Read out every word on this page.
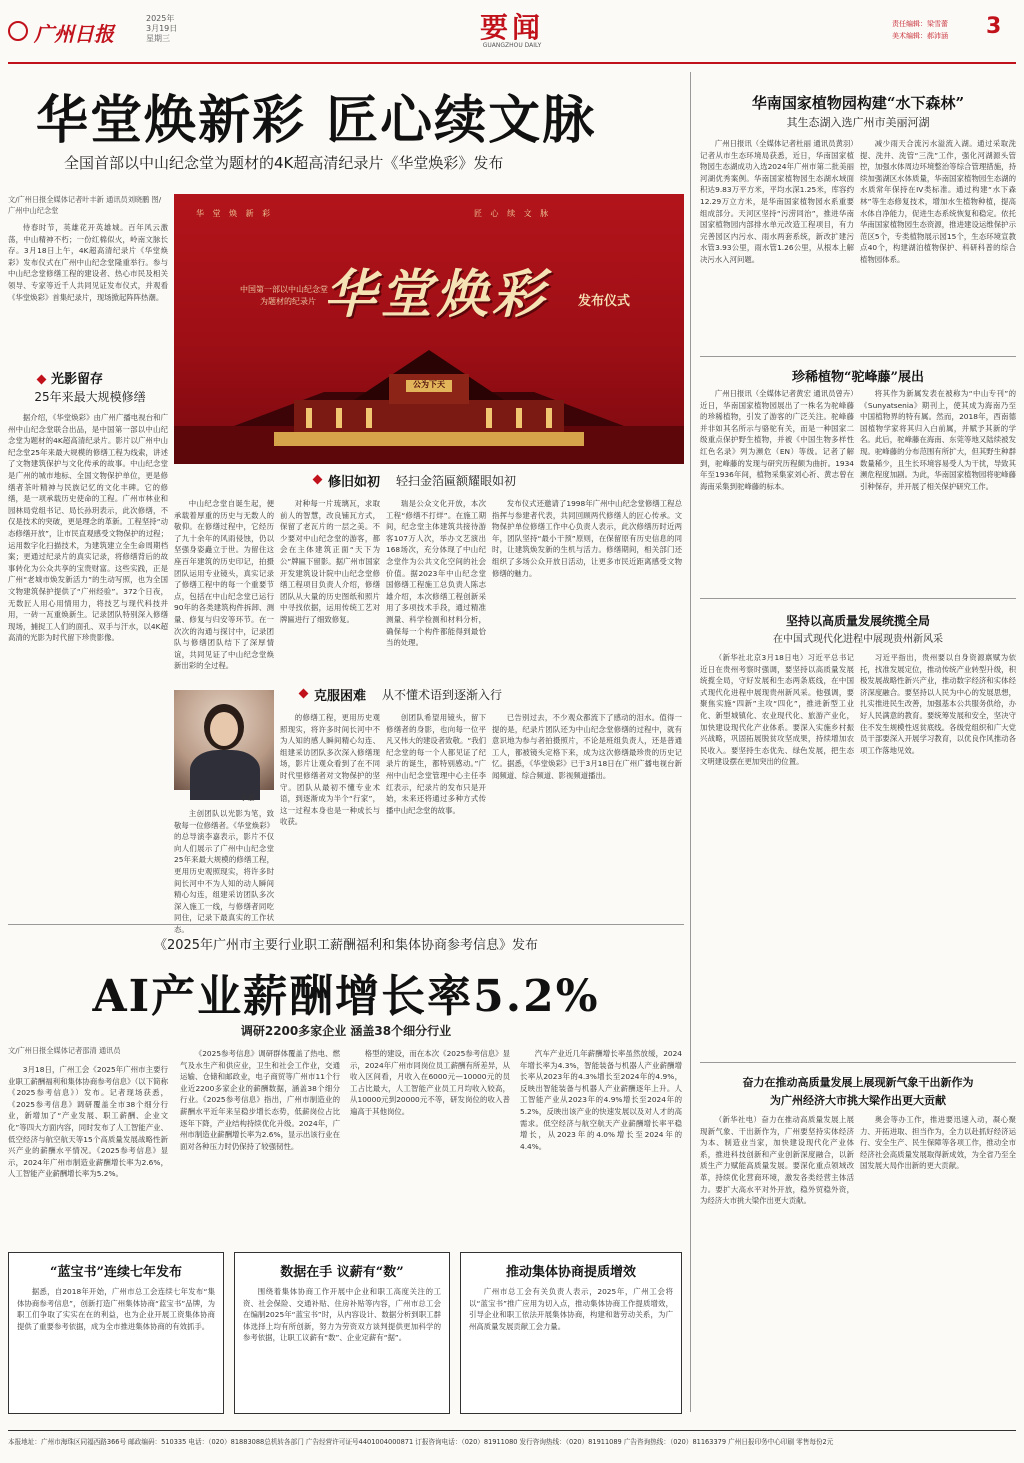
广州日报
2025年
3月19日
星期三	要闻
GUANGZHOU DAILY
责任编辑：梁雪蕾
美术编辑：郝沛涵 3
华堂焕新彩 匠心续文脉
全国首部以中山纪念堂为题材的4K超高清纪录片《华堂焕彩》发布
文/广州日报全媒体记者叶丰新 通讯员刘晓鹏 图/广州中山纪念堂

侍春时节，英雄花开英雄城。百年风云激荡，中山精神不朽；一份红棉似火，岭南文脉长存。3月18日上午，4K超高清纪录片《华堂焕彩》发布仪式在广州中山纪念堂隆重举行。参与中山纪念堂修缮工程的建设者、热心市民及相关领导、专家等近千人共同见证发布仪式，并观看《华堂焕彩》首集纪录片，现场掀起阵阵热潮。

华 堂 焕 新 彩	匠 心 续 文 脉
华堂焕彩
中国第一部以中山纪念堂
为题材的纪录片	发布仪式
公为下天
光影留存
25年来最大规模修缮

据介绍，《华堂焕彩》由广州广播电视台和广州中山纪念堂联合出品，是中国第一部以中山纪念堂为题材的4K超高清纪录片。影片以广州中山纪念堂25年来最大规模的修缮工程为线索，讲述了文物建筑保护与文化传承的故事。中山纪念堂是广州的城市地标、全国文物保护单位，更是修缮者茶叶精神与民族记忆的文化丰碑。它的修缮，是一项承载历史使命的工程。广州市林业和园林局党组书记、局长孙玥表示，此次修缮，不仅是技术的突破，更是理念的革新。工程坚持“动态修缮开放”，让市民直观感受文物保护的过程；运用数字化扫描技术，为建筑建立全生命周期档案；更通过纪录片的真实记录，将修缮背后的故事转化为公众共享的宝贵财富。这些实践，正是广州“老城市焕发新活力”的生动写照，也为全国文物建筑保护提供了“广州经验”。372个日夜，无数匠人用心用情用力，将技艺与现代科技并用，一砖一瓦重焕新生。记录团队特别深入修缮现场，捕捉工人们的面孔、双手与汗水，以4K超高清的光影为时代留下珍贵影像。

修旧如初 轻扫金箔匾额耀眼如初

中山纪念堂自诞生起，便承载着厚重的历史与无数人的敬仰。在修缮过程中，它经历了九十余年的风雨侵蚀，仍以坚强身姿矗立于世。为留住这座百年建筑的历史印记，拍摄团队运用专业镜头，真实记录了修缮工程中的每一个重要节点，包括在中山纪念堂已运行90年的各类建筑构件拆卸、测量、修复与归安等环节。在一次次的沟通与探讨中，记录团队与修缮团队结下了深厚情谊，共同见证了中山纪念堂焕新出彩的全过程。

对种每一片琉璃瓦，求取前人的智慧，改良铺瓦方式，保留了老瓦片的一层之美。不少要对中山纪念堂的游客，都会在主体建筑正面“天下为公”牌匾下留影。据广州市国家开发建筑设计院中山纪念堂修缮工程项目负责人介绍，修缮团队从大量的历史图纸和照片中寻找依据，运用传统工艺对牌匾进行了细致修复。

瑞是公众文化开放，本次工程“修缮不打烊”。在施工期间，纪念堂主体建筑共接待游客107万人次，举办文艺演出168场次，充分体现了中山纪念堂作为公共文化空间的社会价值。据2023年中山纪念堂国修缮工程施工总负责人陈志雄介绍，本次修缮工程创新采用了多项技术手段，通过精准测量、科学检测和材料分析，确保每一个构件都能得到最恰当的处理。

发布仪式还邀请了1998年广州中山纪念堂修缮工程总指挥与参建者代表，共同回顾两代修缮人的匠心传承。文物保护单位修缮工作中心负责人表示，此次修缮历时近两年，团队坚持“最小干预”原则，在保留原有历史信息的同时，让建筑焕发新的生机与活力。修缮期间，相关部门还组织了多场公众开放日活动，让更多市民近距离感受文物修缮的魅力。

克服困难 从不懂术语到逐渐入行
李嘉

主创团队以光影为笔，致敬每一位修缮者。《华堂焕彩》的总导演李嘉表示，影片不仅向人们展示了广州中山纪念堂25年来最大规模的修缮工程，更用历史观照现实，将许多时间长河中不为人知的动人瞬间精心勾连，组建采访团队多次深入施工一线，与修缮者同吃同住，记录下最真实的工作状态。

的修缮工程，更用历史观照现实，将许多时间长河中不为人知的感人瞬间精心勾连、组建采访团队多次深入修缮现场，影片让观众看到了在不同时代里修缮者对文物保护的坚守。团队从最初不懂专业术语，到逐渐成为半个“行家”，这一过程本身也是一种成长与收获。

创团队希望用镜头，留下修缮者的身影，也向每一位平凡又伟大的建设者致敬。“我们纪念堂的每一个人都见证了纪录片的诞生，都特别感动。”广州中山纪念堂管理中心主任李红表示，纪录片的发布只是开始，未来还将通过多种方式传播中山纪念堂的故事。

已告别过去，不少观众都流下了感动的泪水。值得一提的是，纪录片团队还为中山纪念堂修缮的过程中，就有意识地为参与者拍摄照片，不论是班组负责人，还是普通工人，都被镜头定格下来，成为这次修缮最珍贵的历史记忆。据悉，《华堂焕彩》已于3月18日在广州广播电视台新闻频道、综合频道、影视频道播出。

华南国家植物园构建“水下森林”
其生态湖入选广州市美丽河湖

广州日报讯（全媒体记者杜丽 通讯员黄羽）记者从市生态环境局获悉，近日，华南国家植物园生态湖成功入选2024年广州市第二批美丽河湖优秀案例。华南国家植物园生态湖水域面积达9.83万平方米，平均水深1.25米，库容约12.29万立方米，是华南国家植物园水系重要组成部分。天河区坚持“污涝同治”，推进华南国家植物园内部排水单元改造工程项目，有力完善园区内污水、雨水两套系统，新改扩建污水管3.93公里，雨水管1.26公里，从根本上解决污水入河问题。

减少雨天合流污水溢流入湖。通过采取洗提、洗井、洗管“三洗”工作，强化河湖源头管控，加强水体周边环境整治等综合管理措施，持续加强湖区水体质量，华南国家植物园生态湖的水质常年保持在IV类标准。通过构建“水下森林”等生态修复技术，增加水生植物种植，提高水体自净能力，促进生态系统恢复和稳定。依托华南国家植物园生态资源，推进建设运维保护示范区5个，专类植物展示园15个，生态环境宣教点40个，构建湖泊植物保护、科研科普的综合植物园体系。

珍稀植物“驼峰藤”展出

广州日报讯（全媒体记者黄宏 通讯员曾卉）近日，华南国家植物园展出了一株名为驼峰藤的珍稀植物，引发了游客的广泛关注。驼峰藤并非如其名所示与骆驼有关，而是一种国家二级重点保护野生植物，并被《中国生物多样性红色名录》列为濒危（EN）等级。记者了解到，驼峰藤的发现与研究历程颇为曲折。1934年至1936年间，植物采集家刘心祈、黄志曾在海南采集到驼峰藤的标本。

将其作为新属发表在被称为“中山专刊”的《Sunyatsenia》期刊上，使其成为海南乃至中国植物界的特有属。然而，2018年，西南德国植物学家将其归入白前属，并赋予其新的学名。此后，驼峰藤在海南、东莞等地又陆续被发现。驼峰藤的分布范围有所扩大，但其野生种群数量稀少，且生长环境容易受人为干扰，导致其濒危程度加剧。为此，华南国家植物园将驼峰藤引种保存，并开展了相关保护研究工作。

坚持以高质量发展统揽全局
在中国式现代化进程中展现贵州新风采

（新华社北京3月18日电）习近平总书记近日在贵州考察时强调，要坚持以高质量发展统揽全局，守好发展和生态两条底线，在中国式现代化进程中展现贵州新风采。他强调，要聚焦实施“四新”主攻“四化”，推进新型工业化、新型城镇化、农业现代化、旅游产业化，加快建设现代化产业体系。要深入实施乡村振兴战略，巩固拓展脱贫攻坚成果，持续增加农民收入。要坚持生态优先、绿色发展，把生态文明建设摆在更加突出的位置。

习近平指出，贵州要以自身资源禀赋为依托，找准发展定位，推动传统产业转型升级，积极发展战略性新兴产业，推动数字经济和实体经济深度融合。要坚持以人民为中心的发展思想，扎实推进民生改善，加强基本公共服务供给，办好人民满意的教育。要统筹发展和安全，坚决守住不发生规模性返贫底线。各级党组织和广大党员干部要深入开展学习教育，以优良作风推动各项工作落地见效。

奋力在推动高质量发展上展现新气象干出新作为
为广州经济大市挑大梁作出更大贡献

（新华社电）奋力在推动高质量发展上展现新气象、干出新作为，广州要坚持实体经济为本、制造业当家，加快建设现代化产业体系，推进科技创新和产业创新深度融合，以新质生产力赋能高质量发展。要深化重点领域改革，持续优化营商环境，激发各类经营主体活力。要扩大高水平对外开放，稳外贸稳外资，为经济大市挑大梁作出更大贡献。

奥会等办工作，推进要迅速入动，凝心聚力、开拓进取、担当作为，全力以赴抓好经济运行、安全生产、民生保障等各项工作，推动全市经济社会高质量发展取得新成效，为全省乃至全国发展大局作出新的更大贡献。

《2025年广州市主要行业职工薪酬福利和集体协商参考信息》发布
AI产业薪酬增长率5.2%
调研2200多家企业 涵盖38个细分行业
文/广州日报全媒体记者邵清 通讯员

3月18日，广州工会《2025年广州市主要行业职工薪酬福利和集体协商参考信息》（以下简称《2025参考信息》）发布。记者现场获悉，《2025参考信息》调研覆盖全市38个细分行业，新增加了“产业发展、职工薪酬、企业文化”等四大方面内容，同时发布了人工智能产业、低空经济与航空航天等15个高质量发展战略性新兴产业的薪酬水平情况。《2025参考信息》显示，2024年广州市制造业薪酬增长率为2.6%，人工智能产业薪酬增长率为5.2%。

《2025参考信息》调研群体覆盖了热电、燃气及水生产和供应业，卫生和社会工作业，交通运输、仓储和邮政业，电子商贸等广州市11个行业近2200多家企业的薪酬数据，涵盖38个细分行业。《2025参考信息》指出，广州市制造业的薪酬水平近年来呈稳步增长态势，低薪岗位占比逐年下降，产业结构持续优化升级。2024年，广州市制造业薪酬增长率为2.6%，显示出该行业在面对各种压力时仍保持了较强韧性。

格型的建设，而在本次《2025参考信息》显示，2024年广州市同岗位员工薪酬有所差异，从收入区间看，月收入在6000元—10000元的员工占比最大，人工智能产业员工月均收入较高，从10000元到20000元不等，研发岗位的收入普遍高于其他岗位。

汽车产业近几年薪酬增长率虽然放缓，2024年增长率为4.3%，智能装备与机器人产业薪酬增长率从2023年的4.3%增长至2024年的4.9%，反映出智能装备与机器人产业薪酬逐年上升。人工智能产业从2023年的4.9%增长至2024年的5.2%，反映出该产业的快速发展以及对人才的高需求。低空经济与航空航天产业薪酬增长率平稳增长，从2023年的4.0%增长至2024年的4.4%。

“蓝宝书”连续七年发布

据悉，自2018年开始，广州市总工会连续七年发布“集体协商参考信息”，创新打造广州集体协商“蓝宝书”品牌，为职工们争取了实实在在的利益，也为企业开展工资集体协商提供了重要参考依据，成为全市推进集体协商的有效抓手。

数据在手 议薪有“数”

围绕着集体协商工作开展中企业和职工高度关注的工资、社会保险、交通补贴、住房补贴等内容，广州市总工会在编制2025年“蓝宝书”时，从内容设计、数据分析到职工群体选择上均有所创新，努力为劳资双方谈判提供更加科学的参考依据，让职工议薪有“数”、企业定薪有“据”。

推动集体协商提质增效

广州市总工会有关负责人表示，2025年，广州工会将以“蓝宝书”推广应用为切入点，推动集体协商工作提质增效，引导企业和职工依法开展集体协商，构建和谐劳动关系，为广州高质量发展贡献工会力量。

本报地址：广州市海珠区同福西路366号 邮政编码：510335 电话：（020）81883088总机转各部门 广告经营许可证号4401004000871 订报咨询电话：（020）81911080 发行咨询热线：（020）81911089 广告咨询热线：（020）81163379 广州日报印务中心印刷 零售每份2元
